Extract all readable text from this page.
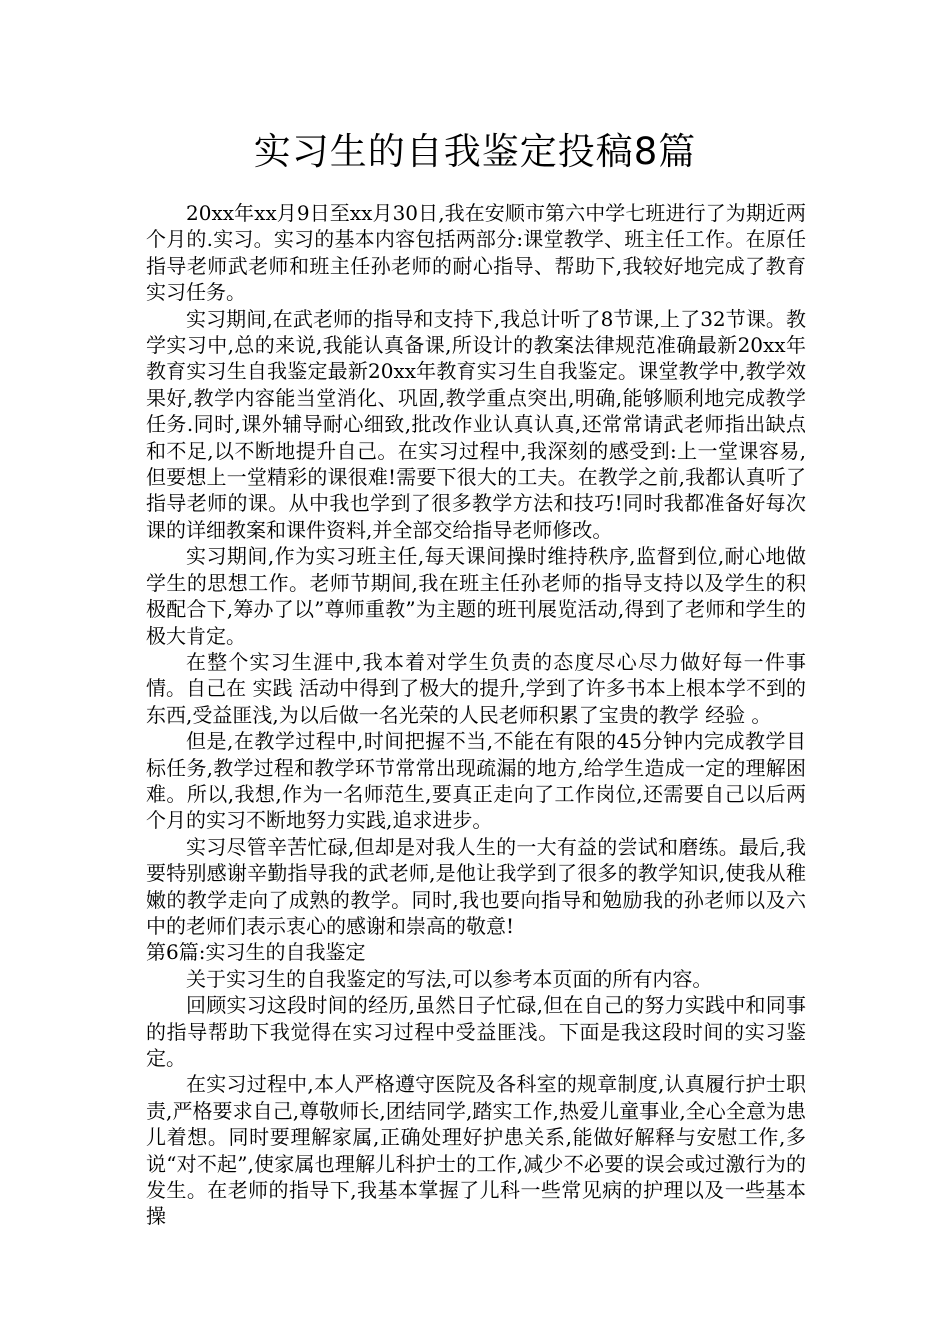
实习生的自我鉴定投稿8篇

20xx年xx月9日至xx月30日,我在安顺市第六中学七班进行了为期近两个月的.实习。实习的基本内容包括两部分:课堂教学、班主任工作。在原任指导老师武老师和班主任孙老师的耐心指导、帮助下,我较好地完成了教育实习任务。

实习期间,在武老师的指导和支持下,我总计听了8节课,上了32节课。教学实习中,总的来说,我能认真备课,所设计的教案法律规范准确最新20xx年教育实习生自我鉴定最新20xx年教育实习生自我鉴定。课堂教学中,教学效果好,教学内容能当堂消化、巩固,教学重点突出,明确,能够顺利地完成教学任务.同时,课外辅导耐心细致,批改作业认真认真,还常常请武老师指出缺点和不足,以不断地提升自己。在实习过程中,我深刻的感受到:上一堂课容易,但要想上一堂精彩的课很难!需要下很大的工夫。在教学之前,我都认真听了指导老师的课。从中我也学到了很多教学方法和技巧!同时我都准备好每次课的详细教案和课件资料,并全部交给指导老师修改。

实习期间,作为实习班主任,每天课间操时维持秩序,监督到位,耐心地做学生的思想工作。老师节期间,我在班主任孙老师的指导支持以及学生的积极配合下,筹办了以”尊师重教”为主题的班刊展览活动,得到了老师和学生的极大肯定。

在整个实习生涯中,我本着对学生负责的态度尽心尽力做好每一件事情。自己在 实践 活动中得到了极大的提升,学到了许多书本上根本学不到的东西,受益匪浅,为以后做一名光荣的人民老师积累了宝贵的教学 经验 。

但是,在教学过程中,时间把握不当,不能在有限的45分钟内完成教学目标任务,教学过程和教学环节常常出现疏漏的地方,给学生造成一定的理解困难。所以,我想,作为一名师范生,要真正走向了工作岗位,还需要自己以后两个月的实习不断地努力实践,追求进步。

实习尽管辛苦忙碌,但却是对我人生的一大有益的尝试和磨练。最后,我要特别感谢辛勤指导我的武老师,是他让我学到了很多的教学知识,使我从稚嫩的教学走向了成熟的教学。同时,我也要向指导和勉励我的孙老师以及六中的老师们表示衷心的感谢和崇高的敬意!

第6篇:实习生的自我鉴定

关于实习生的自我鉴定的写法,可以参考本页面的所有内容。

回顾实习这段时间的经历,虽然日子忙碌,但在自己的努力实践中和同事的指导帮助下我觉得在实习过程中受益匪浅。下面是我这段时间的实习鉴定。

在实习过程中,本人严格遵守医院及各科室的规章制度,认真履行护士职责,严格要求自己,尊敬师长,团结同学,踏实工作,热爱儿童事业,全心全意为患儿着想。同时要理解家属,正确处理好护患关系,能做好解释与安慰工作,多说“对不起”,使家属也理解儿科护士的工作,减少不必要的误会或过激行为的发生。在老师的指导下,我基本掌握了儿科一些常见病的护理以及一些基本操
